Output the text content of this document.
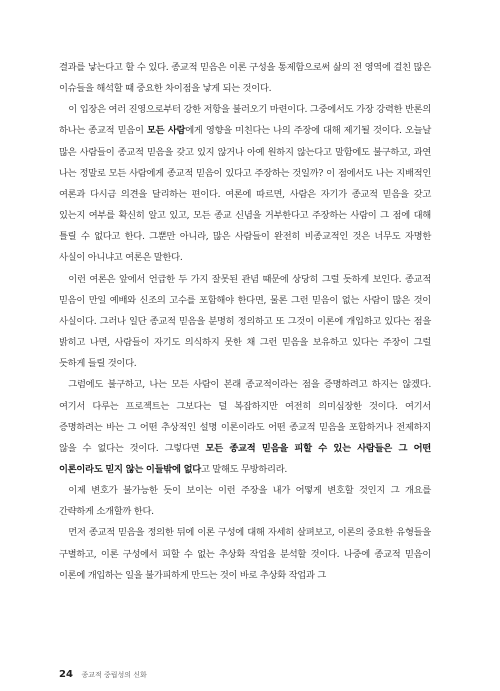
결과를 낳는다고 할 수 있다. 종교적 믿음은 이론 구성을 통제함으로써 삶의 전 영역에 걸친 많은 이슈들을 해석할 때 중요한 차이점을 낳게 되는 것이다.

이 입장은 여러 진영으로부터 강한 저항을 불러오기 마련이다. 그중에서도 가장 강력한 반론의 하나는 종교적 믿음이 모든 사람에게 영향을 미친다는 나의 주장에 대해 제기될 것이다. 오늘날 많은 사람들이 종교적 믿음을 갖고 있지 않거나 아예 원하지 않는다고 말함에도 불구하고, 과연 나는 정말로 모든 사람에게 종교적 믿음이 있다고 주장하는 것일까? 이 점에서도 나는 지배적인 여론과 다시금 의견을 달리하는 편이다. 여론에 따르면, 사람은 자기가 종교적 믿음을 갖고 있는지 여부를 확신히 알고 있고, 모든 종교 신념을 거부한다고 주장하는 사람이 그 점에 대해 틀릴 수 없다고 한다. 그뿐만 아니라, 많은 사람들이 완전히 비종교적인 것은 너무도 자명한 사실이 아니냐고 여론은 말한다.

이런 여론은 앞에서 언급한 두 가지 잘못된 관념 때문에 상당히 그럴 듯하게 보인다. 종교적 믿음이 만일 예배와 신조의 고수를 포함해야 한다면, 물론 그런 믿음이 없는 사람이 많은 것이 사실이다. 그러나 일단 종교적 믿음을 분명히 정의하고 또 그것이 이론에 개입하고 있다는 점을 밝히고 나면, 사람들이 자기도 의식하지 못한 채 그런 믿음을 보유하고 있다는 주장이 그럴 듯하게 들릴 것이다.

그럼에도 불구하고, 나는 모든 사람이 본래 종교적이라는 점을 증명하려고 하지는 않겠다. 여기서 다루는 프로젝트는 그보다는 덜 복잡하지만 여전히 의미심장한 것이다. 여기서 증명하려는 바는 그 어떤 추상적인 설명 이론이라도 어떤 종교적 믿음을 포함하거나 전제하지 않을 수 없다는 것이다. 그렇다면 모든 종교적 믿음을 피할 수 있는 사람들은 그 어떤 이론이라도 믿지 않는 이들밖에 없다고 말해도 무방하리라.

이제 변호가 불가능한 듯이 보이는 이런 주장을 내가 어떻게 변호할 것인지 그 개요를 간략하게 소개할까 한다.

먼저 종교적 믿음을 정의한 뒤에 이론 구성에 대해 자세히 살펴보고, 이론의 중요한 유형들을 구별하고, 이론 구성에서 피할 수 없는 추상화 작업을 분석할 것이다. 나중에 종교적 믿음이 이론에 개입하는 일을 불가피하게 만드는 것이 바로 추상화 작업과 그

24 종교적 중립성의 신화
